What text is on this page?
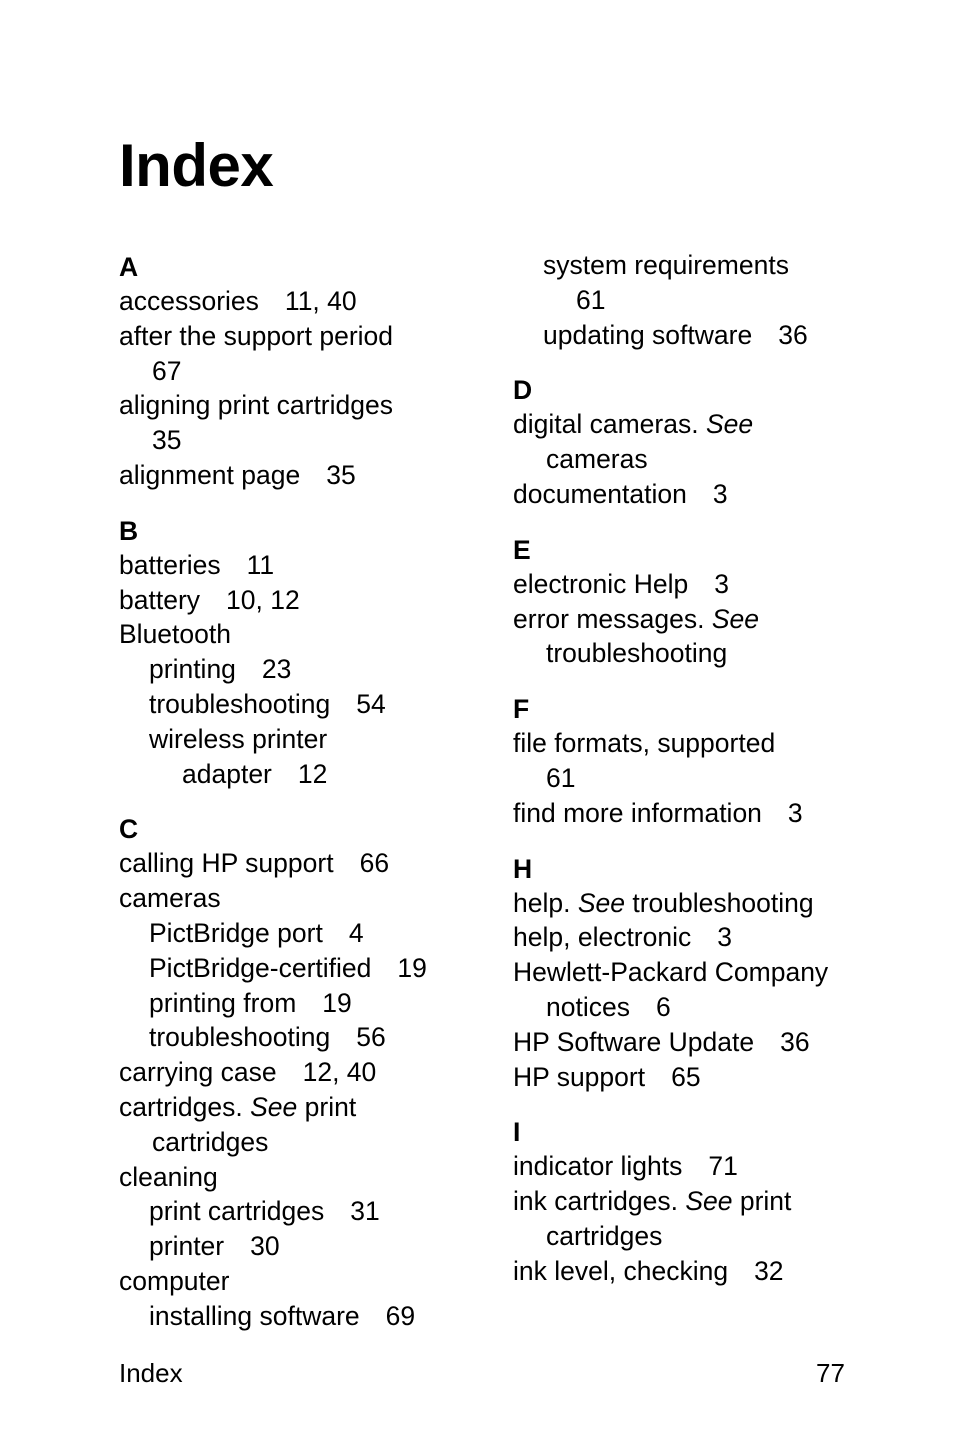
Index
A
accessories 11, 40
after the support period
67
aligning print cartridges
35
alignment page 35
B
batteries 11
battery 10, 12
Bluetooth
printing 23
troubleshooting 54
wireless printer
adapter 12
C
calling HP support 66
cameras
PictBridge port 4
PictBridge-certified 19
printing from 19
troubleshooting 56
carrying case 12, 40
cartridges. See print
cartridges
cleaning
print cartridges 31
printer 30
computer
installing software 69
system requirements
61
updating software 36
D
digital cameras. See
cameras
documentation 3
E
electronic Help 3
error messages. See
troubleshooting
F
file formats, supported
61
find more information 3
H
help. See troubleshooting
help, electronic 3
Hewlett-Packard Company
notices 6
HP Software Update 36
HP support 65
I
indicator lights 71
ink cartridges. See print
cartridges
ink level, checking 32
Index	77
